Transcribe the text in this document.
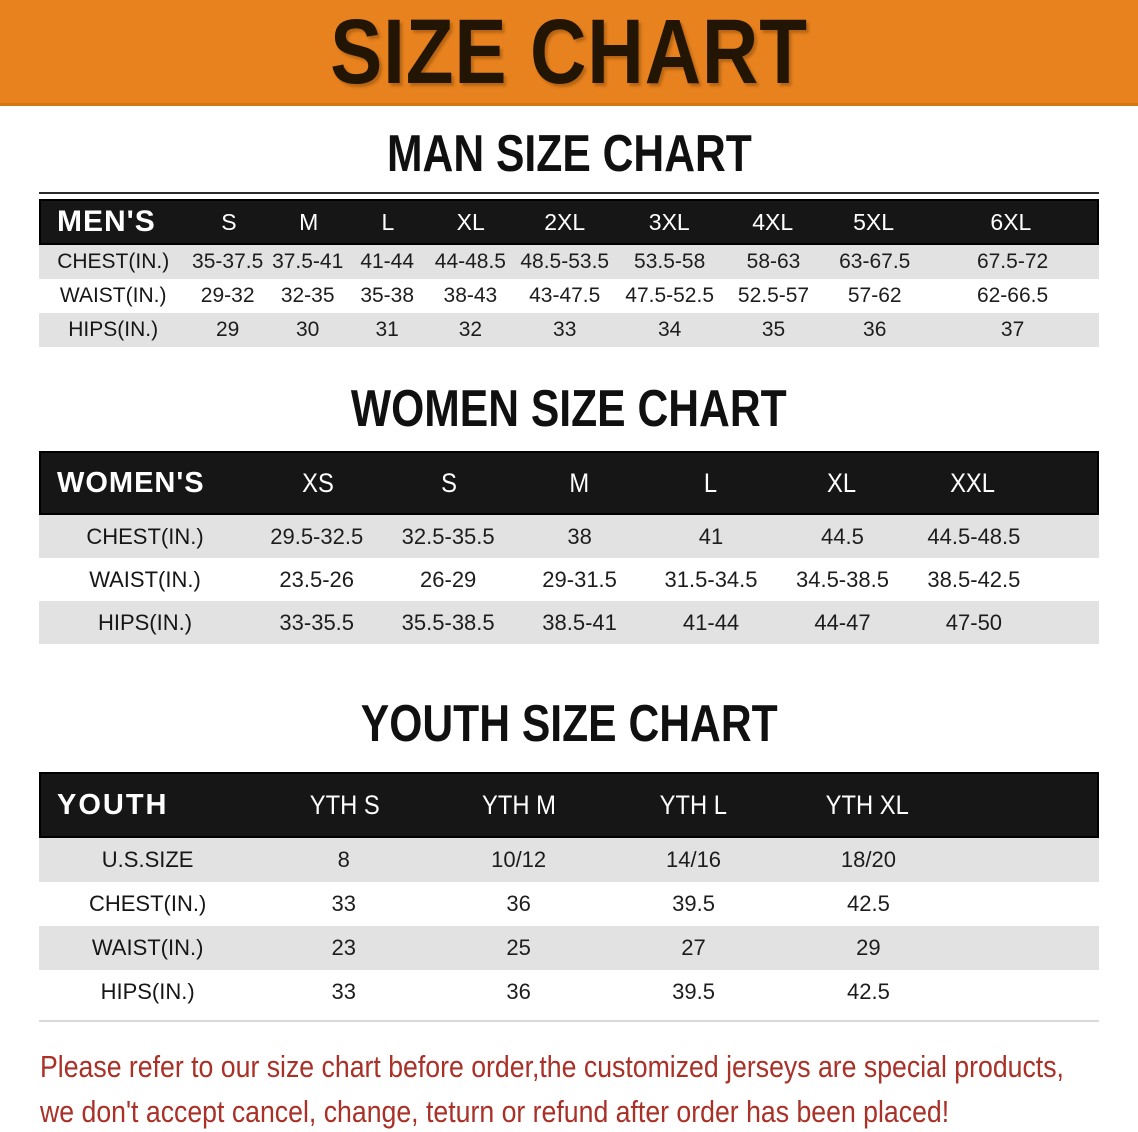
SIZE CHART
MAN SIZE CHART
MEN'S	S	M	L	XL	2XL	3XL	4XL	5XL	6XL
CHEST(IN.)	35-37.5 37.5-41 41-44 44-48.5 48.5-53.5	53.5-58	58-63	63-67.5	67.5-72
WAIST(IN.)	29-32	32-35	35-38	38-43	43-47.5	47.5-52.5	52.5-57	57-62	62-66.5
HIPS(IN.)	29	30	31	32	33	34	35	36	37
WOMEN SIZE CHART
WOMEN'S	XS	S	M	L	XL	XXL
CHEST(IN.)	29.5-32.5	32.5-35.5	38	41	44.5	44.5-48.5
WAIST(IN.)	23.5-26	26-29	29-31.5	31.5-34.5	34.5-38.5	38.5-42.5
HIPS(IN.)	33-35.5	35.5-38.5	38.5-41	41-44	44-47	47-50
YOUTH SIZE CHART
YOUTH	YTH S	YTH M	YTH L	YTH XL
U.S.SIZE	8	10/12	14/16	18/20
CHEST(IN.)	33	36	39.5	42.5
WAIST(IN.)	23	25	27	29
HIPS(IN.)	33	36	39.5	42.5
Please refer to our size chart before order,the customized jerseys are special products,
we don't accept cancel, change, teturn or refund after order has been placed!
